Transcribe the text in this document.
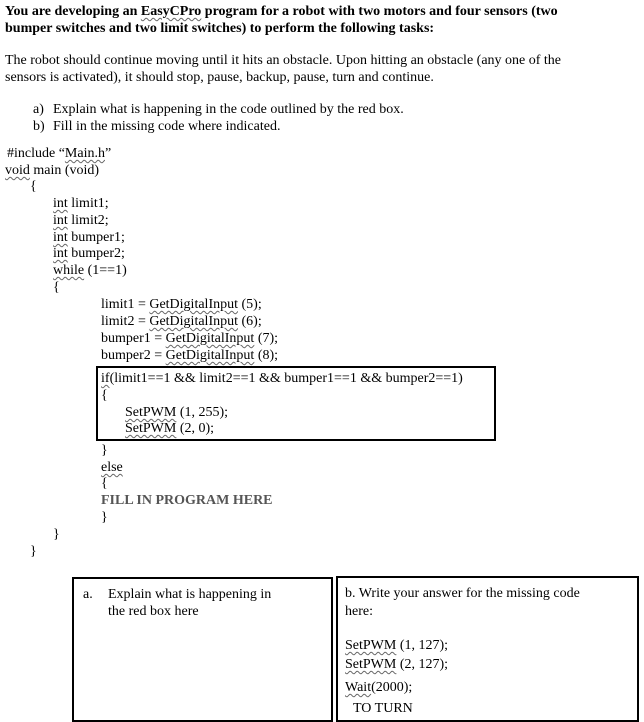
You are developing an EasyCPro program for a robot with two motors and four sensors (two
bumper switches and two limit switches) to perform the following tasks:
The robot should continue moving until it hits an obstacle. Upon hitting an obstacle (any one of the
sensors is activated), it should stop, pause, backup, pause, turn and continue.
a) Explain what is happening in the code outlined by the red box.
b) Fill in the missing code where indicated.
#include “Main.h”
void main (void)
{
int limit1;
int limit2;
int bumper1;
int bumper2;
while (1==1)
{
limit1 = GetDigitalInput (5);
limit2 = GetDigitalInput (6);
bumper1 = GetDigitalInput (7);
bumper2 = GetDigitalInput (8);
if(limit1==1 && limit2==1 && bumper1==1 && bumper2==1)
{
SetPWM (1, 255);
SetPWM (2, 0);
}
else
{
FILL IN PROGRAM HERE
}
}
}
a. Explain what is happening in
the red box here
b. Write your answer for the missing code
here:
SetPWM (1, 127);
SetPWM (2, 127);
Wait(2000);
TO TURN
